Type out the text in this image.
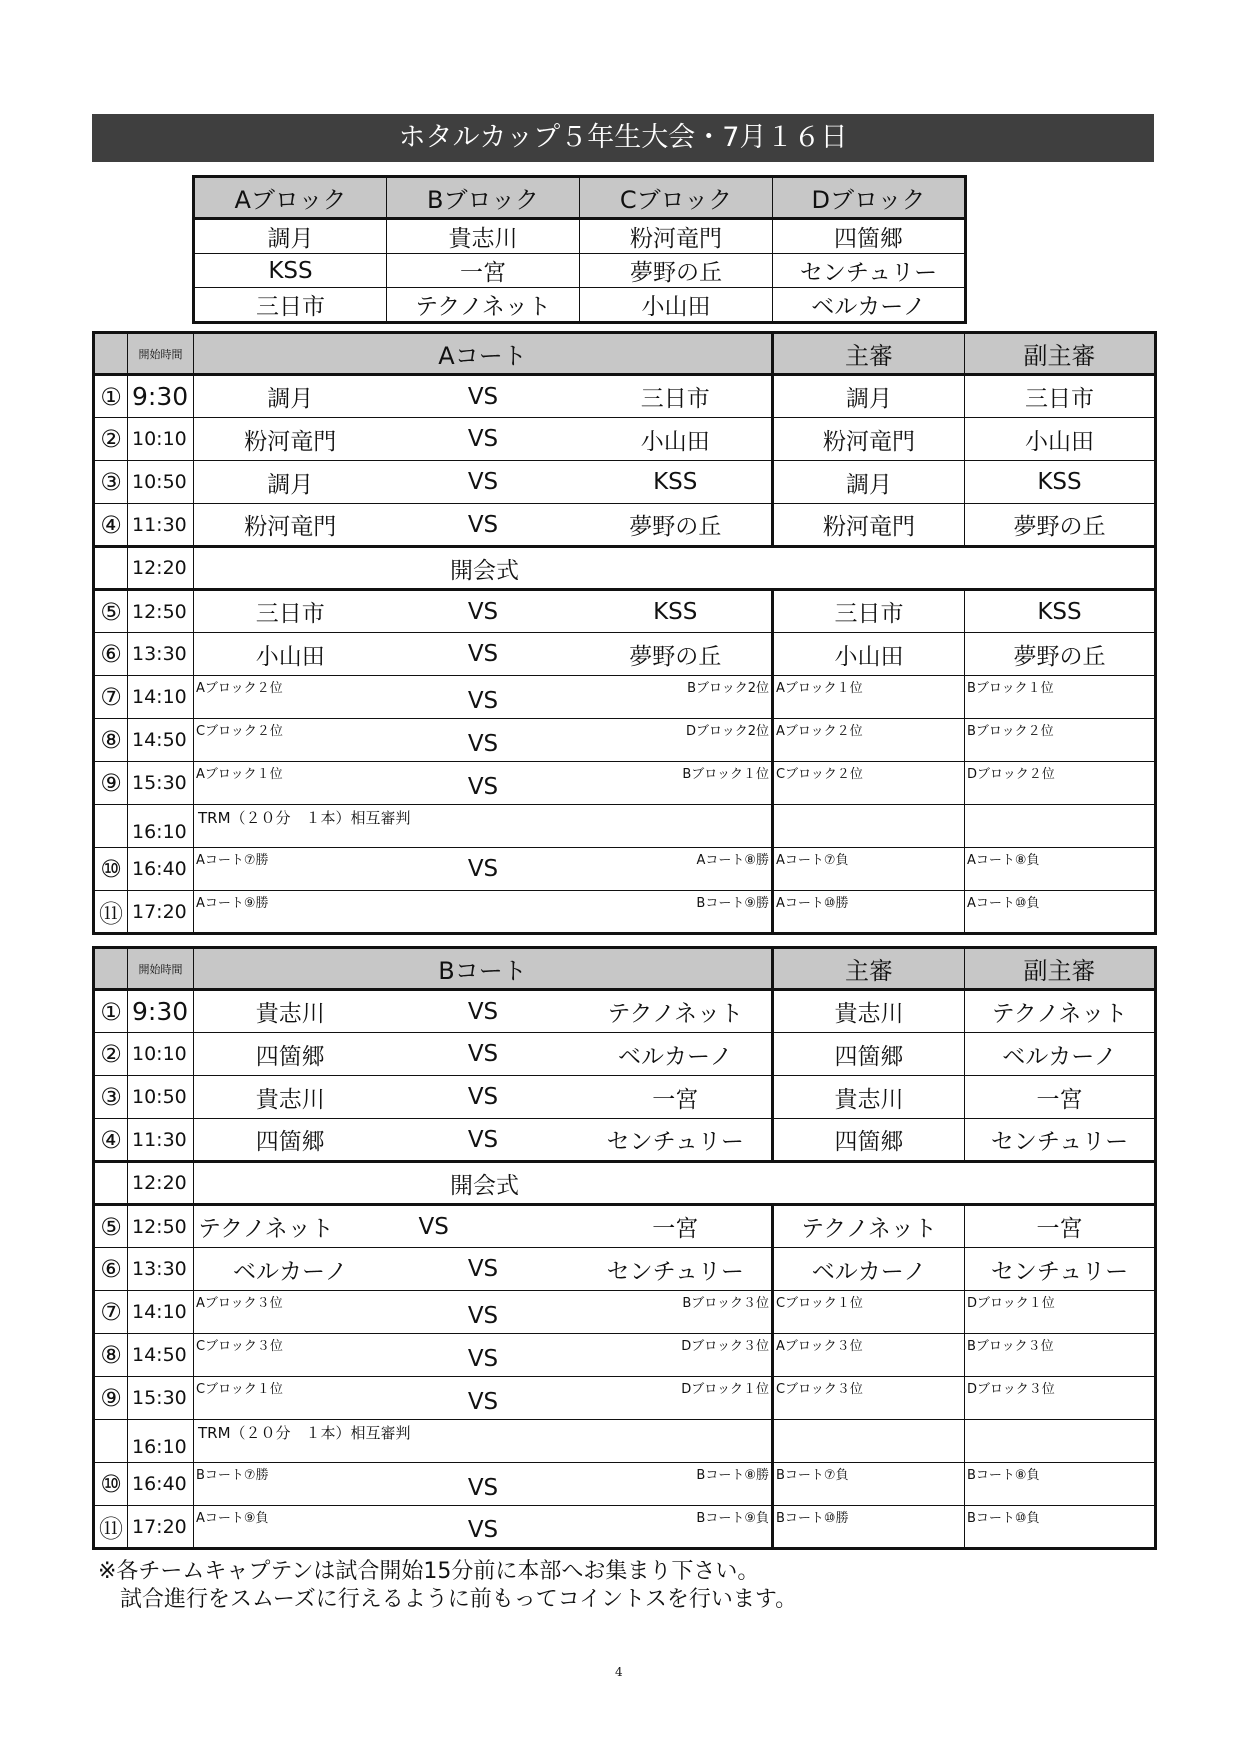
ホタルカップ５年生大会・7月１６日
Aブロック	Bブロック	Cブロック	Dブロック
調月	貴志川	粉河竜門	四箇郷
KSS	一宮	夢野の丘	センチュリー
三日市	テクノネット	小山田	ベルカーノ
	開始時間	Aコート			主審	副主審
①	9:30	調月	VS	三日市	調月	三日市
②	10:10	粉河竜門	VS	小山田	粉河竜門	小山田
③	10:50	調月	VS	KSS	調月	KSS
④	11:30	粉河竜門	VS	夢野の丘	粉河竜門	夢野の丘
	12:20	開会式				
⑤	12:50	三日市	VS	KSS	三日市	KSS
⑥	13:30	小山田	VS	夢野の丘	小山田	夢野の丘
⑦	14:10	Aブロック２位	VS	Bブロック2位	Aブロック１位	Bブロック１位
⑧	14:50	Cブロック２位	VS	Dブロック2位	Aブロック２位	Bブロック２位
⑨	15:30	Aブロック１位	VS	Bブロック１位	Cブロック２位	Dブロック２位
	16:10	TRM（２０分　１本）相互審判				
⑩	16:40	Aコート⑦勝	VS	Aコート⑧勝	Aコート⑦負	Aコート⑧負
⑪	17:20	Aコート⑨勝		Bコート⑨勝	Aコート⑩勝	Aコート⑩負
	開始時間	Bコート			主審	副主審
①	9:30	貴志川	VS	テクノネット	貴志川	テクノネット
②	10:10	四箇郷	VS	ベルカーノ	四箇郷	ベルカーノ
③	10:50	貴志川	VS	一宮	貴志川	一宮
④	11:30	四箇郷	VS	センチュリー	四箇郷	センチュリー
	12:20	開会式				
⑤	12:50	テクノネット	VS	一宮	テクノネット	一宮
⑥	13:30	ベルカーノ	VS	センチュリー	ベルカーノ	センチュリー
⑦	14:10	Aブロック３位	VS	Bブロック３位	Cブロック１位	Dブロック１位
⑧	14:50	Cブロック３位	VS	Dブロック３位	Aブロック３位	Bブロック３位
⑨	15:30	Cブロック１位	VS	Dブロック１位	Cブロック３位	Dブロック３位
	16:10	TRM（２０分　１本）相互審判				
⑩	16:40	Bコート⑦勝	VS	Bコート⑧勝	Bコート⑦負	Bコート⑧負
⑪	17:20	Aコート⑨負	VS	Bコート⑨負	Bコート⑩勝	Bコート⑩負
※各チームキャプテンは試合開始15分前に本部へお集まり下さい。
試合進行をスムーズに行えるように前もってコイントスを行います。
4
